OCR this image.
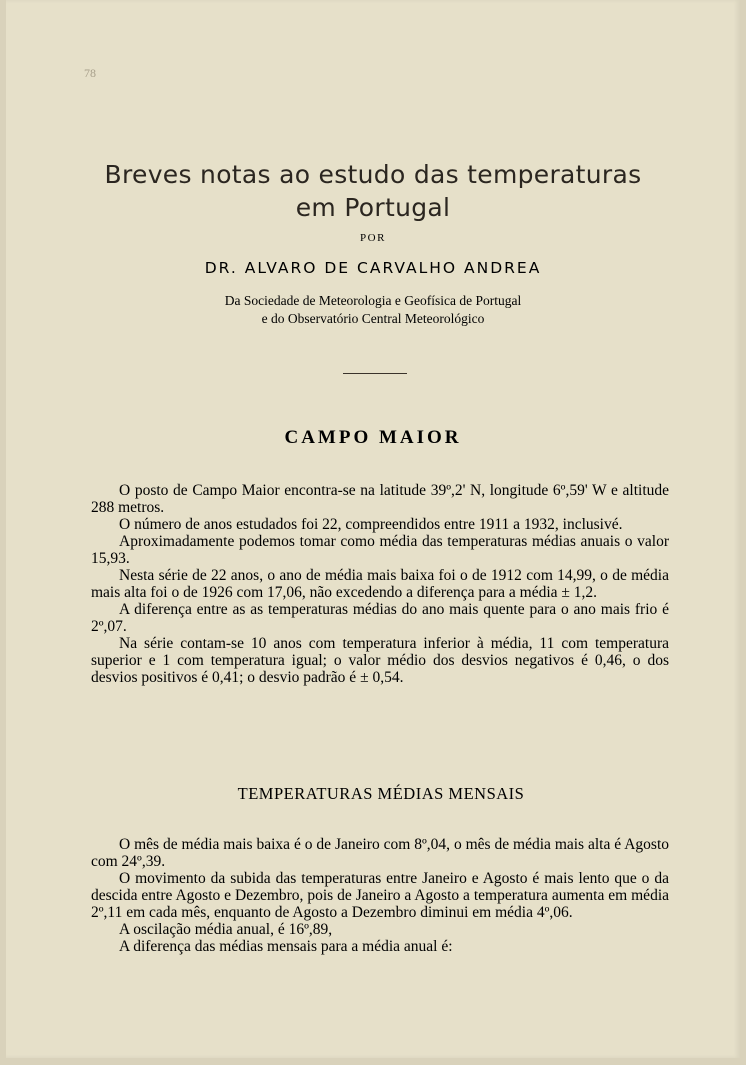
78
Breves notas ao estudo das temperaturas
em Portugal
POR
DR. ALVARO DE CARVALHO ANDREA
Da Sociedade de Meteorologia e Geofísica de Portugal
e do Observatório Central Meteorológico
CAMPO MAIOR

O posto de Campo Maior encontra-se na latitude 39º,2' N, longitude 6º,59' W e altitude 288 metros.

O número de anos estudados foi 22, compreendidos entre 1911 a 1932, inclusivé.

Aproximadamente podemos tomar como média das temperaturas médias anuais o valor 15,93.

Nesta série de 22 anos, o ano de média mais baixa foi o de 1912 com 14,99, o de média mais alta foi o de 1926 com 17,06, não excedendo a diferença para a média ± 1,2.

A diferença entre as as temperaturas médias do ano mais quente para o ano mais frio é 2º,07.

Na série contam-se 10 anos com temperatura inferior à média, 11 com temperatura superior e 1 com temperatura igual; o valor médio dos desvios negativos é 0,46, o dos desvios positivos é 0,41; o desvio padrão é ± 0,54.

TEMPERATURAS MÉDIAS MENSAIS

O mês de média mais baixa é o de Janeiro com 8º,04, o mês de média mais alta é Agosto com 24º,39.

O movimento da subida das temperaturas entre Janeiro e Agosto é mais lento que o da descida entre Agosto e Dezembro, pois de Janeiro a Agosto a temperatura aumenta em média 2º,11 em cada mês, enquanto de Agosto a Dezembro diminui em média 4º,06.

A oscilação média anual, é 16º,89,

A diferença das médias mensais para a média anual é:
